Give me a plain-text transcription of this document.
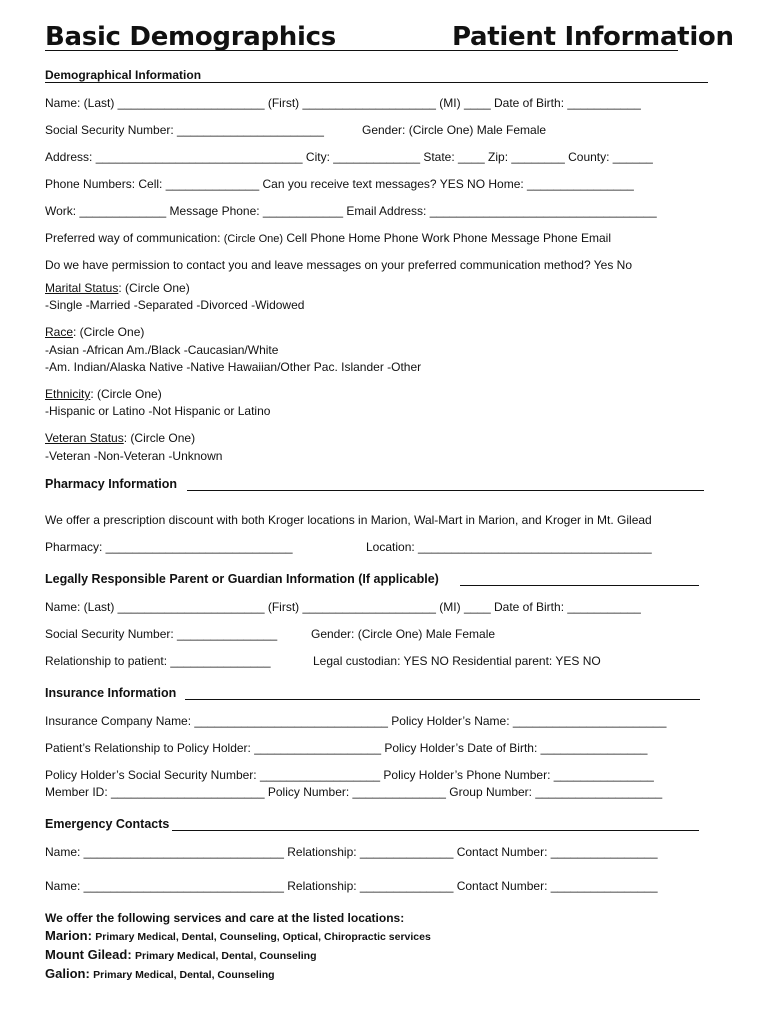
Basic Demographics	Patient Information
Demographical Information
Name: (Last) ______________________ (First) ____________________ (MI) ____ Date of Birth: ___________
Social Security Number: ______________________	Gender: (Circle One) Male Female
Address: _______________________________ City: _____________ State: ____ Zip: ________ County: ______
Phone Numbers: Cell: ______________ Can you receive text messages? YES NO Home: ________________
Work: _____________ Message Phone: ____________ Email Address: __________________________________
Preferred way of communication: (Circle One) Cell Phone Home Phone Work Phone Message Phone Email
Do we have permission to contact you and leave messages on your preferred communication method? Yes No
Marital Status: (Circle One)
-Single -Married -Separated -Divorced -Widowed
Race: (Circle One)
-Asian -African Am./Black -Caucasian/White
-Am. Indian/Alaska Native -Native Hawaiian/Other Pac. Islander -Other
Ethnicity: (Circle One)
-Hispanic or Latino -Not Hispanic or Latino
Veteran Status: (Circle One)
-Veteran -Non-Veteran -Unknown
Pharmacy Information
We offer a prescription discount with both Kroger locations in Marion, Wal-Mart in Marion, and Kroger in Mt. Gilead
Pharmacy: ____________________________	Location: ___________________________________
Legally Responsible Parent or Guardian Information (If applicable)
Name: (Last) ______________________ (First) ____________________ (MI) ____ Date of Birth: ___________
Social Security Number: _______________	Gender: (Circle One) Male Female
Relationship to patient: _______________	Legal custodian: YES NO Residential parent: YES NO
Insurance Information
Insurance Company Name: _____________________________ Policy Holder’s Name: _______________________
Patient’s Relationship to Policy Holder: ___________________ Policy Holder’s Date of Birth: ________________
Policy Holder’s Social Security Number: __________________ Policy Holder’s Phone Number: _______________
Member ID: _______________________ Policy Number: ______________ Group Number: ___________________
Emergency Contacts
Name: ______________________________ Relationship: ______________ Contact Number: ________________
Name: ______________________________ Relationship: ______________ Contact Number: ________________
We offer the following services and care at the listed locations:
Marion: Primary Medical, Dental, Counseling, Optical, Chiropractic services
Mount Gilead: Primary Medical, Dental, Counseling
Galion: Primary Medical, Dental, Counseling
